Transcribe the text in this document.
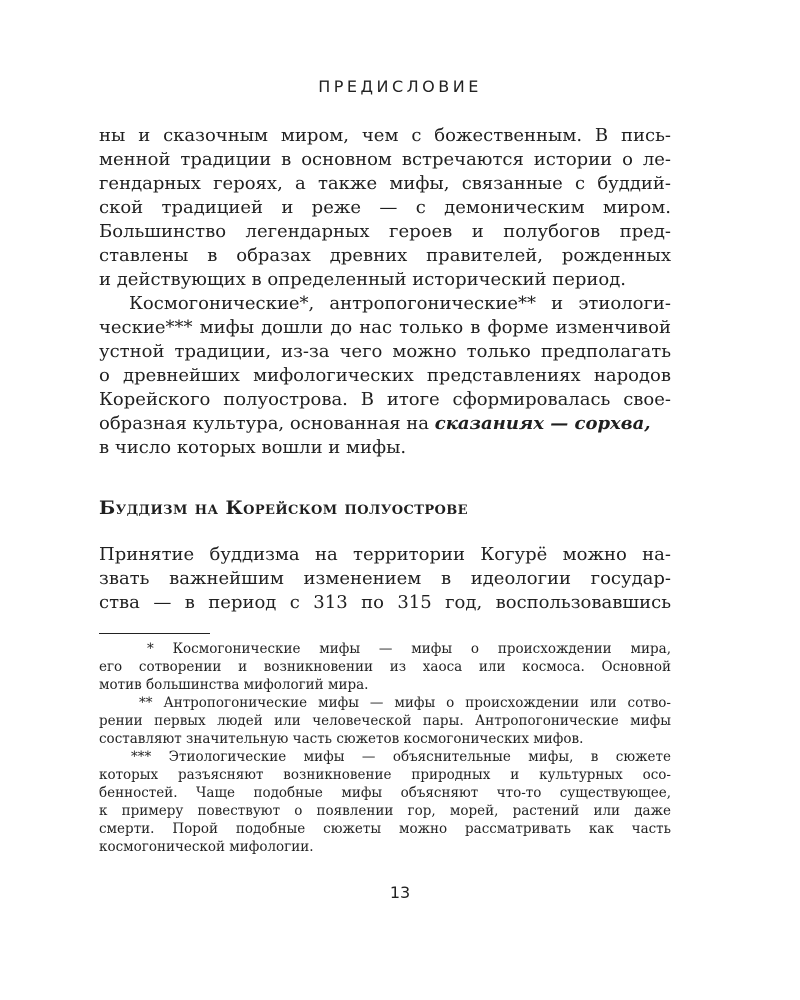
ПРЕДИСЛОВИЕ
ны и сказочным миром, чем с божественным. В пись-
менной традиции в основном встречаются истории о ле-
гендарных героях, а также мифы, связанные с буддий-
ской традицией и реже — с демоническим миром.
Большинство легендарных героев и полубогов пред-
ставлены в образах древних правителей, рожденных
и действующих в определенный исторический период.
Космогонические*, антропогонические** и этиологи-
ческие*** мифы дошли до нас только в форме изменчивой
устной традиции, из-за чего можно только предполагать
о древнейших мифологических представлениях народов
Корейского полуострова. В итоге сформировалась свое-
образная культура, основанная на сказаниях — сорхва,
в число которых вошли и мифы.
Буддизм на Корейском полуострове
Принятие буддизма на территории Когурё можно на-
звать важнейшим изменением в идеологии государ-
ства — в период с 313 по 315 год, воспользовавшись
* Космогонические мифы — мифы о происхождении мира,
его сотворении и возникновении из хаоса или космоса. Основной
мотив большинства мифологий мира.
** Антропогонические мифы — мифы о происхождении или сотво-
рении первых людей или человеческой пары. Антропогонические мифы
составляют значительную часть сюжетов космогонических мифов.
*** Этиологические мифы — объяснительные мифы, в сюжете
которых разъясняют возникновение природных и культурных осо-
бенностей. Чаще подобные мифы объясняют что-то существующее,
к примеру повествуют о появлении гор, морей, растений или даже
смерти. Порой подобные сюжеты можно рассматривать как часть
космогонической мифологии.
13
